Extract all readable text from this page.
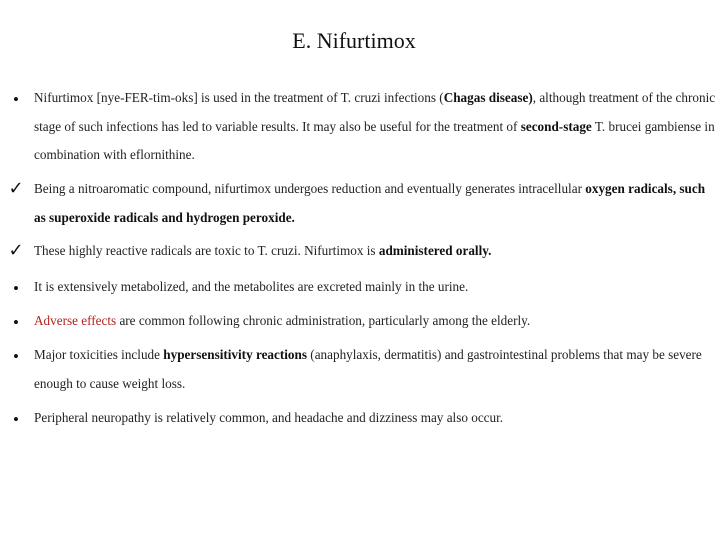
E. Nifurtimox
•	Nifurtimox [nye-FER-tim-oks] is used in the treatment of T. cruzi infections (Chagas disease), although treatment of the chronic stage of such infections has led to variable results. It may also be useful for the treatment of second-stage T. brucei gambiense in combination with eflornithine.
✓ Being a nitroaromatic compound, nifurtimox undergoes reduction and eventually generates intracellular oxygen radicals, such as superoxide radicals and hydrogen peroxide.
✓ These highly reactive radicals are toxic to T. cruzi. Nifurtimox is administered orally.
•	It is extensively metabolized, and the metabolites are excreted mainly in the urine.
•	Adverse effects are common following chronic administration, particularly among the elderly.
•	Major toxicities include hypersensitivity reactions (anaphylaxis, dermatitis) and gastrointestinal problems that may be severe enough to cause weight loss.
•	Peripheral neuropathy is relatively common, and headache and dizziness may also occur.
